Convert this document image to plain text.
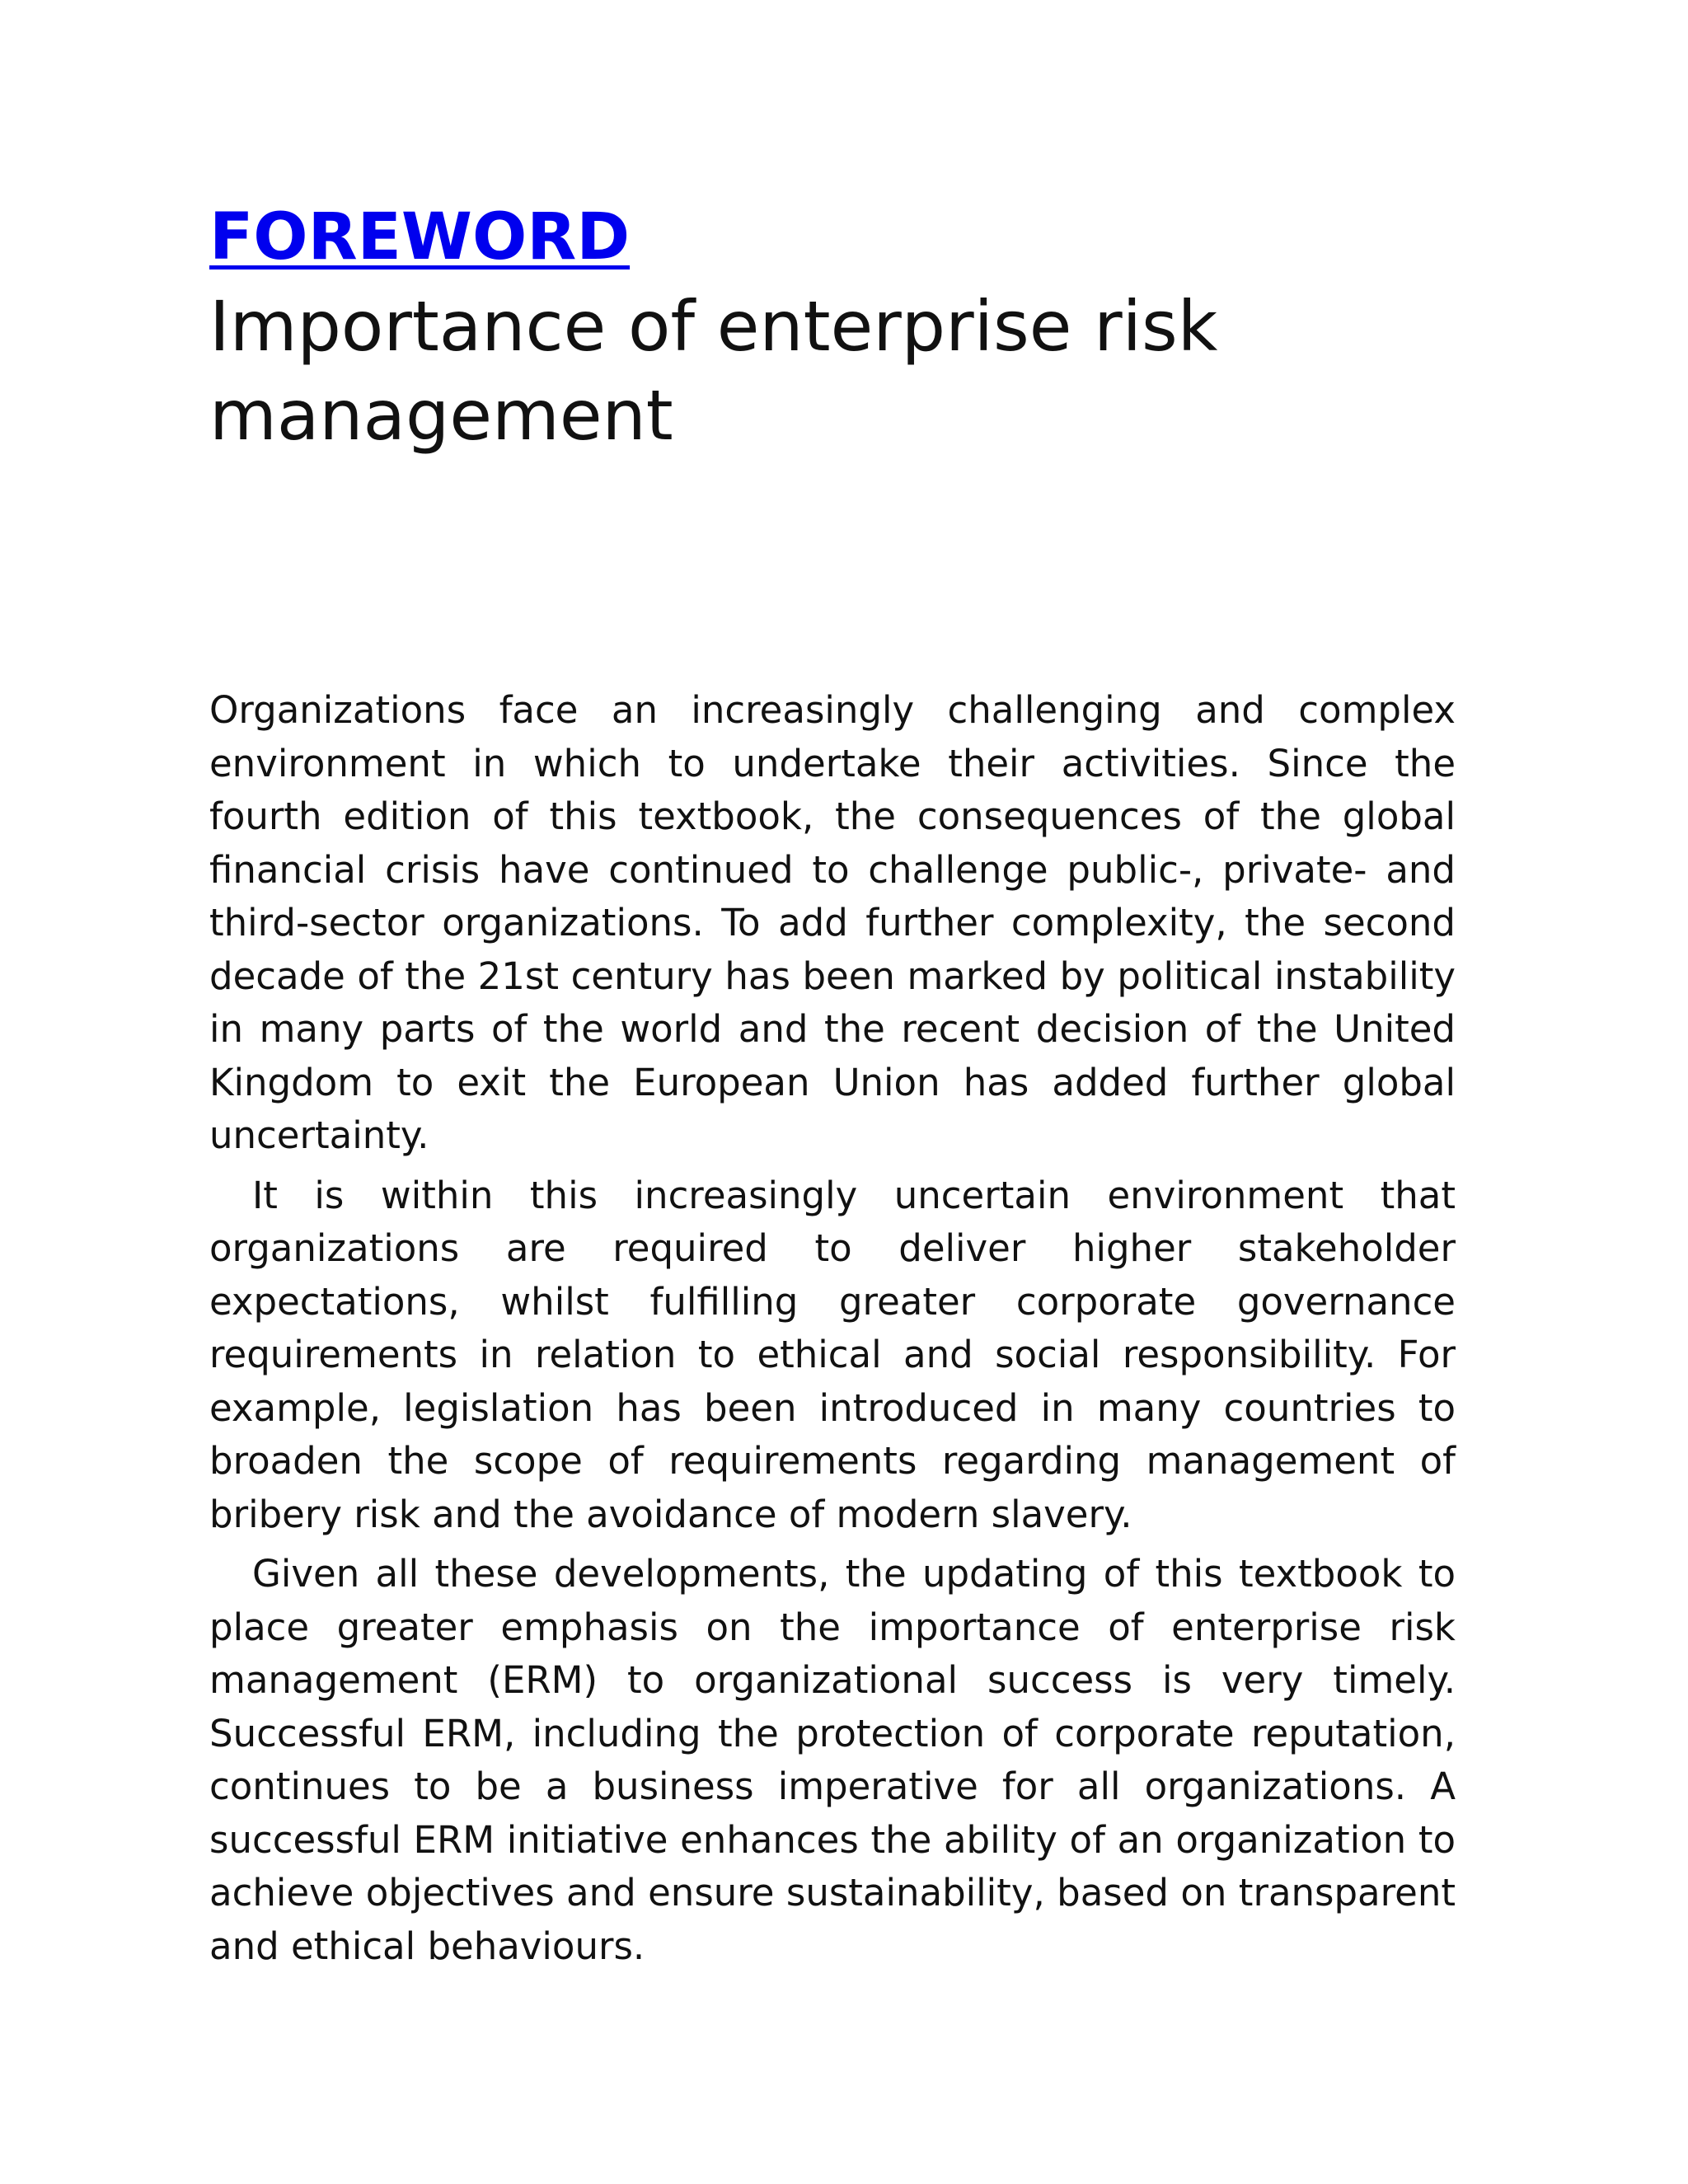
FOREWORD
Importance of enterprise risk management

Organizations face an increasingly challenging and complex environment in which to undertake their activities. Since the fourth edition of this textbook, the consequences of the global financial crisis have continued to challenge public-, private- and third-sector organizations. To add further complexity, the second decade of the 21st century has been marked by political instability in many parts of the world and the recent decision of the United Kingdom to exit the European Union has added further global uncertainty.

It is within this increasingly uncertain environment that organizations are required to deliver higher stakeholder expectations, whilst fulfilling greater corporate governance requirements in relation to ethical and social responsibility. For example, legislation has been introduced in many countries to broaden the scope of requirements regarding management of bribery risk and the avoidance of modern slavery.

Given all these developments, the updating of this textbook to place greater emphasis on the importance of enterprise risk management (ERM) to organizational success is very timely. Successful ERM, including the protection of corporate reputation, continues to be a business imperative for all organizations. A successful ERM initiative enhances the ability of an organization to achieve objectives and ensure sustainability, based on transparent and ethical behaviours.
